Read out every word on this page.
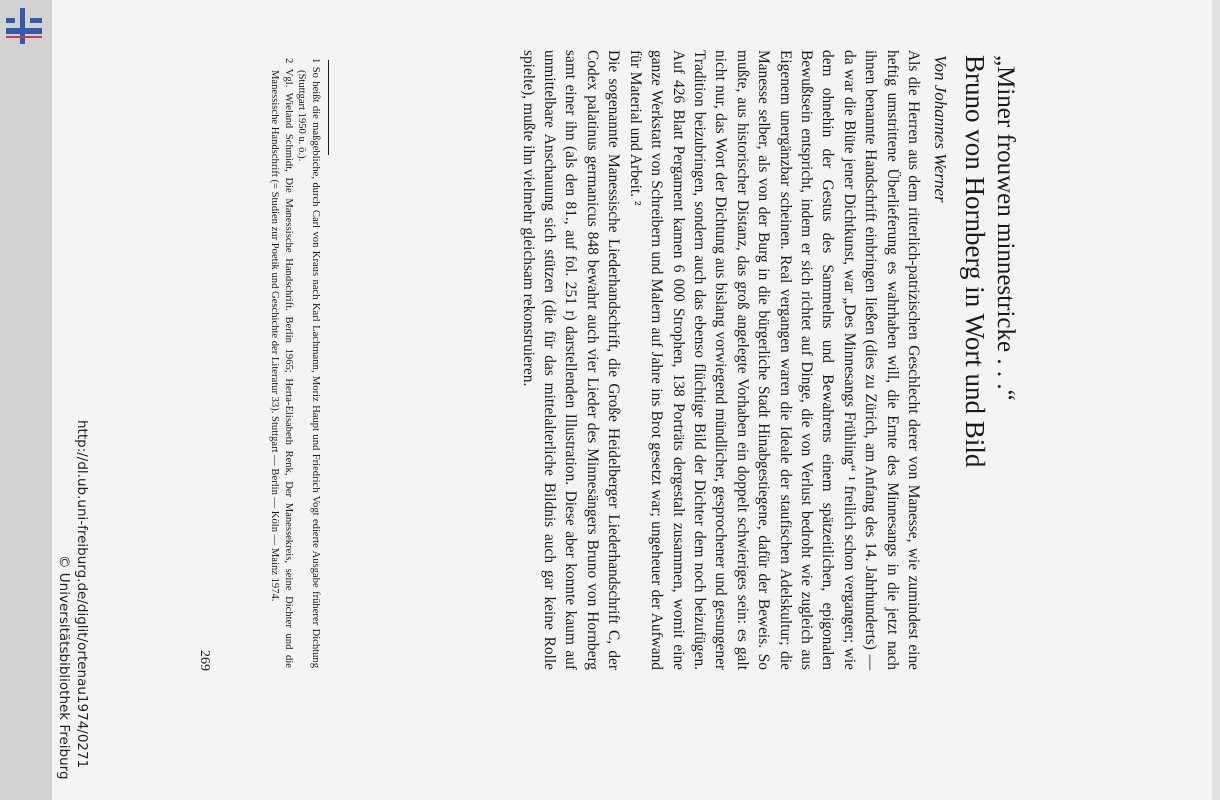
„Miner frouwen minnestricke . . .“
Bruno von Hornberg in Wort und Bild
Von Johannes Werner

Als die Herren aus dem ritterlich-patrizischen Geschlecht derer von Manesse, wie zumindest eine heftig umstrittene Überlieferung es wahrhaben will, die Ernte des Minnesangs in die jetzt nach ihnen benannte Handschrift einbringen ließen (dies zu Zürich, am Anfang des 14. Jahrhunderts) — da war die Blüte jener Dichtkunst, war „Des Minnesangs Frühling“ ¹ freilich schon vergangen; wie dem ohnehin der Gestus des Sammelns und Bewahrens einem spätzeitlichen, epigonalen Bewußtsein entspricht, indem er sich richtet auf Dinge, die von Verlust bedroht wie zugleich aus Eigenem unergänzbar scheinen. Real vergangen waren die Ideale der staufischen Adelskultur; die Manesse selber, als von der Burg in die bürgerliche Stadt Hinabgestiegene, dafür der Beweis. So mußte, aus historischer Distanz, das groß angelegte Vorhaben ein doppelt schwieriges sein: es galt nicht nur, das Wort der Dichtung aus bislang vorwiegend mündlicher, gesprochener und gesungener Tradition beizubringen, sondern auch das ebenso flüchtige Bild der Dichter dem noch beizufügen. Auf 426 Blatt Pergament kamen 6 000 Strophen, 138 Porträts dergestalt zusammen, womit eine ganze Werkstatt von Schreibern und Malern auf Jahre ins Brot gesetzt war; ungeheuer der Aufwand für Material und Arbeit. ²

Die sogenannte Manessische Liederhandschrift, die Große Heidelberger Liederhandschrift C, der Codex palatinus germanicus 848 bewahrt auch vier Lieder des Minnesängers Bruno von Hornberg samt einer ihn (als den 81., auf fol. 251 r) darstellenden Illustration. Diese aber konnte kaum auf unmittelbare Anschauung sich stützen (die für das mittelalterliche Bildnis auch gar keine Rolle spielte), mußte ihn vielmehr gleichsam rekonstruieren.

1 So heißt die maßgebliche, durch Carl von Kraus nach Karl Lachmann, Moriz Haupt und Friedrich Vogt edierte Ausgabe früherer Dichtung (Stuttgart 1950 u. ö.).

2 Vgl. Wieland Schmidt, Die Manessische Handschrift. Berlin 1965; Herta-Elisabeth Renk, Der Manessekreis, seine Dichter und die Manessische Handschrift (= Studien zur Poetik und Geschichte der Literatur 33). Stuttgart — Berlin — Köln — Mainz 1974.

269
http://dl.ub.uni-freiburg.de/diglit/ortenau1974/0271
© Universitätsbibliothek Freiburg
